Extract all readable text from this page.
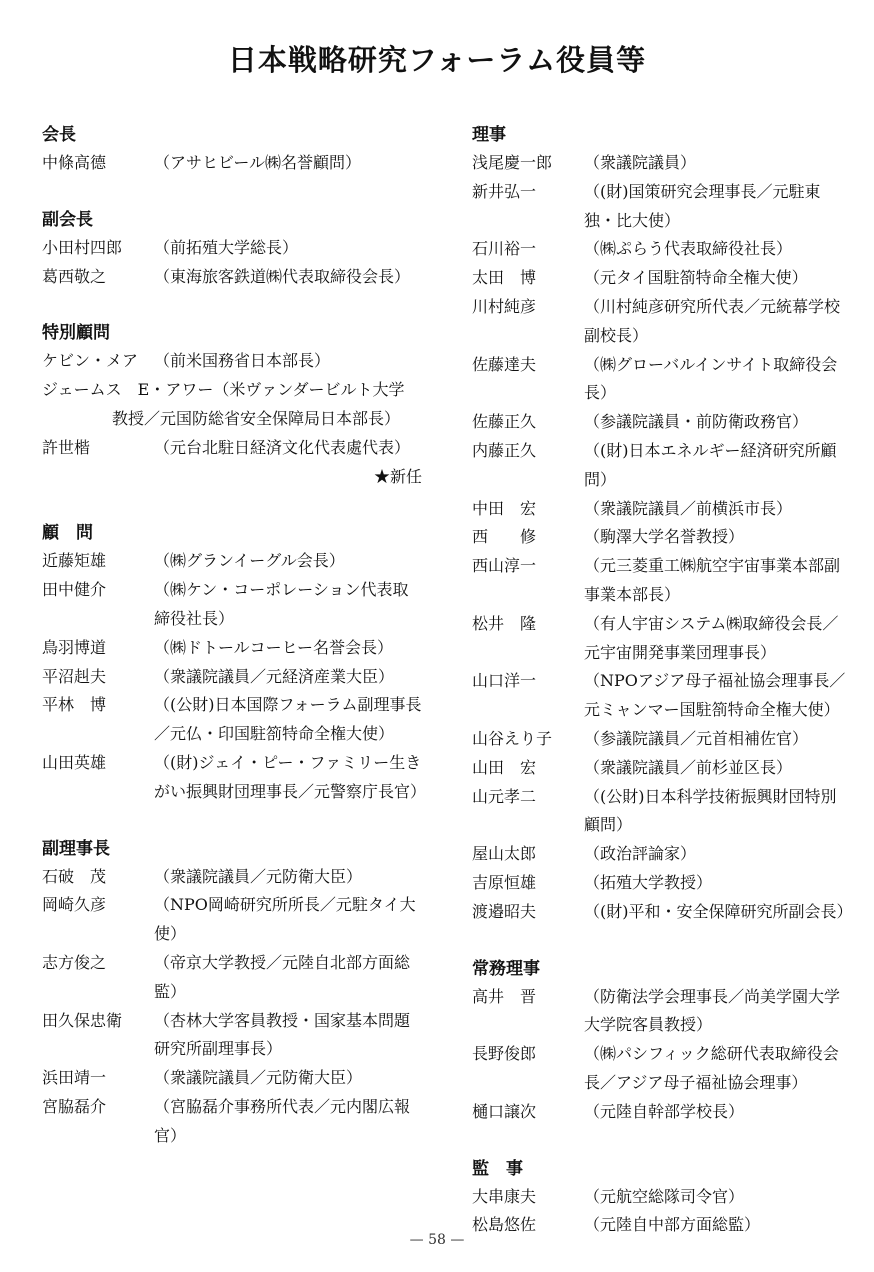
日本戦略研究フォーラム役員等
会長
中條高德	（アサヒビール㈱名誉顧問）
副会長
小田村四郎	（前拓殖大学総長）
葛西敬之	（東海旅客鉄道㈱代表取締役会長）
特別顧問
ケビン・メア （前米国務省日本部長）
ジェームス　E・アワー（米ヴァンダービルト大学
教授／元国防総省安全保障局日本部長）
許世楷	（元台北駐日経済文化代表處代表）
★新任
顧　問
近藤矩雄	（㈱グランイーグル会長）
田中健介	（㈱ケン・コーポレーション代表取締役社長）
鳥羽博道	（㈱ドトールコーヒー名誉会長）
平沼赳夫	（衆議院議員／元経済産業大臣）
平林　博	（(公財)日本国際フォーラム副理事長／元仏・印国駐箚特命全権大使）
山田英雄	（(財)ジェイ・ピー・ファミリー生きがい振興財団理事長／元警察庁長官）
副理事長
石破　茂	（衆議院議員／元防衛大臣）
岡崎久彦	（NPO岡崎研究所所長／元駐タイ大使）
志方俊之	（帝京大学教授／元陸自北部方面総監）
田久保忠衛	（杏林大学客員教授・国家基本問題研究所副理事長）
浜田靖一	（衆議院議員／元防衛大臣）
宮脇磊介	（宮脇磊介事務所代表／元内閣広報官）
理事
浅尾慶一郎	（衆議院議員）
新井弘一	（(財)国策研究会理事長／元駐東独・比大使）
石川裕一	（㈱ぷらう代表取締役社長）
太田　博	（元タイ国駐箚特命全権大使）
川村純彦	（川村純彦研究所代表／元統幕学校副校長）
佐藤達夫	（㈱グローバルインサイト取締役会長）
佐藤正久	（参議院議員・前防衛政務官）
内藤正久	（(財)日本エネルギー経済研究所顧問）
中田　宏	（衆議院議員／前横浜市長）
西　　修	（駒澤大学名誉教授）
西山淳一	（元三菱重工㈱航空宇宙事業本部副事業本部長）
松井　隆	（有人宇宙システム㈱取締役会長／元宇宙開発事業団理事長）
山口洋一	（NPOアジア母子福祉協会理事長／元ミャンマー国駐箚特命全権大使）
山谷えり子	（参議院議員／元首相補佐官）
山田　宏	（衆議院議員／前杉並区長）
山元孝二	（(公財)日本科学技術振興財団特別顧問）
屋山太郎	（政治評論家）
吉原恒雄	（拓殖大学教授）
渡邉昭夫	（(財)平和・安全保障研究所副会長）
常務理事
高井　晋	（防衛法学会理事長／尚美学園大学大学院客員教授）
長野俊郎	（㈱パシフィック総研代表取締役会長／アジア母子福祉協会理事）
樋口譲次	（元陸自幹部学校長）
監　事
大串康夫	（元航空総隊司令官）
松島悠佐	（元陸自中部方面総監）
— 58 —
